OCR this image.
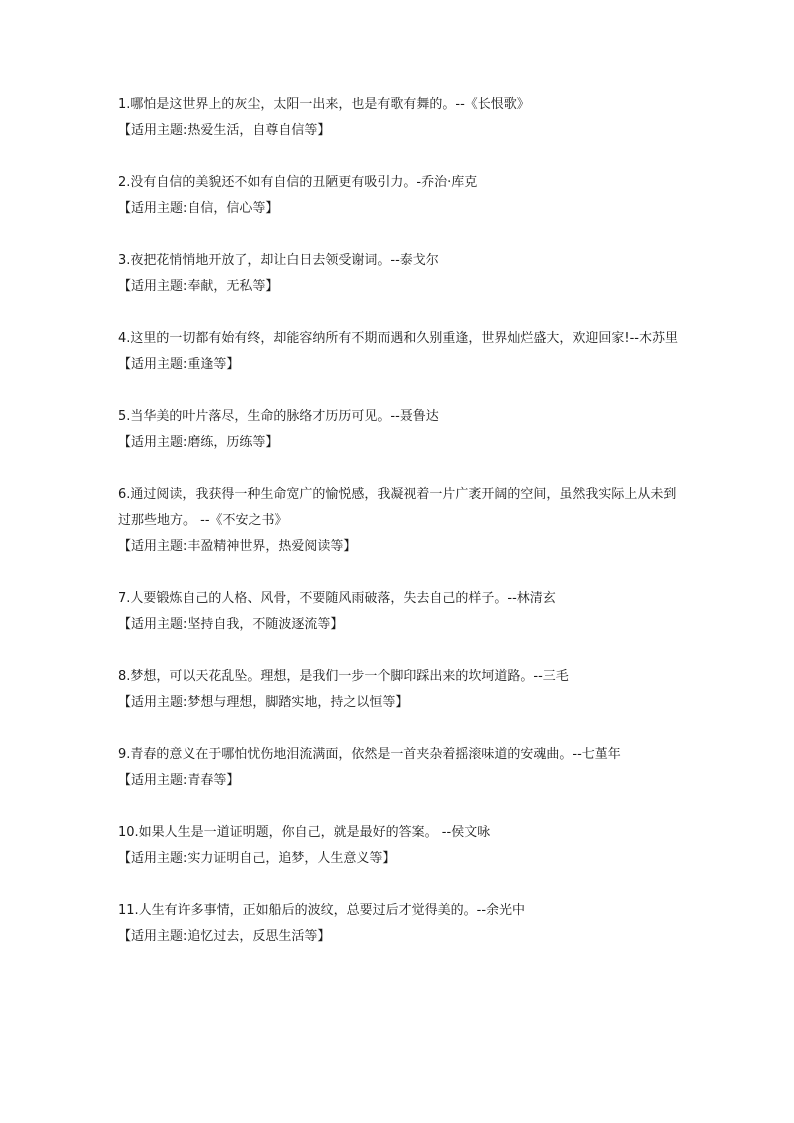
1.哪怕是这世界上的灰尘，太阳一出来，也是有歌有舞的。--《长恨歌》

【适用主题:热爱生活，自尊自信等】

2.没有自信的美貌还不如有自信的丑陋更有吸引力。-乔治·库克

【适用主题:自信，信心等】

3.夜把花悄悄地开放了，却让白日去领受谢词。--泰戈尔

【适用主题:奉献，无私等】

4.这里的一切都有始有终，却能容纳所有不期而遇和久别重逢，世界灿烂盛大，欢迎回家!--木苏里

【适用主题:重逢等】

5.当华美的叶片落尽，生命的脉络才历历可见。--聂鲁达

【适用主题:磨练，历练等】

6.通过阅读，我获得一种生命宽广的愉悦感，我凝视着一片广袤开阔的空间，虽然我实际上从未到过那些地方。 --《不安之书》

【适用主题:丰盈精神世界，热爱阅读等】

7.人要锻炼自己的人格、风骨，不要随风雨破落，失去自己的样子。--林清玄

【适用主题:坚持自我，不随波逐流等】

8.梦想，可以天花乱坠。理想，是我们一步一个脚印踩出来的坎坷道路。--三毛

【适用主题:梦想与理想，脚踏实地，持之以恒等】

9.青春的意义在于哪怕忧伤地泪流满面，依然是一首夹杂着摇滚味道的安魂曲。--七堇年

【适用主题:青春等】

10.如果人生是一道证明题，你自己，就是最好的答案。 --侯文咏

【适用主题:实力证明自己，追梦，人生意义等】

11.人生有许多事情，正如船后的波纹，总要过后才觉得美的。--余光中

【适用主题:追忆过去，反思生活等】
